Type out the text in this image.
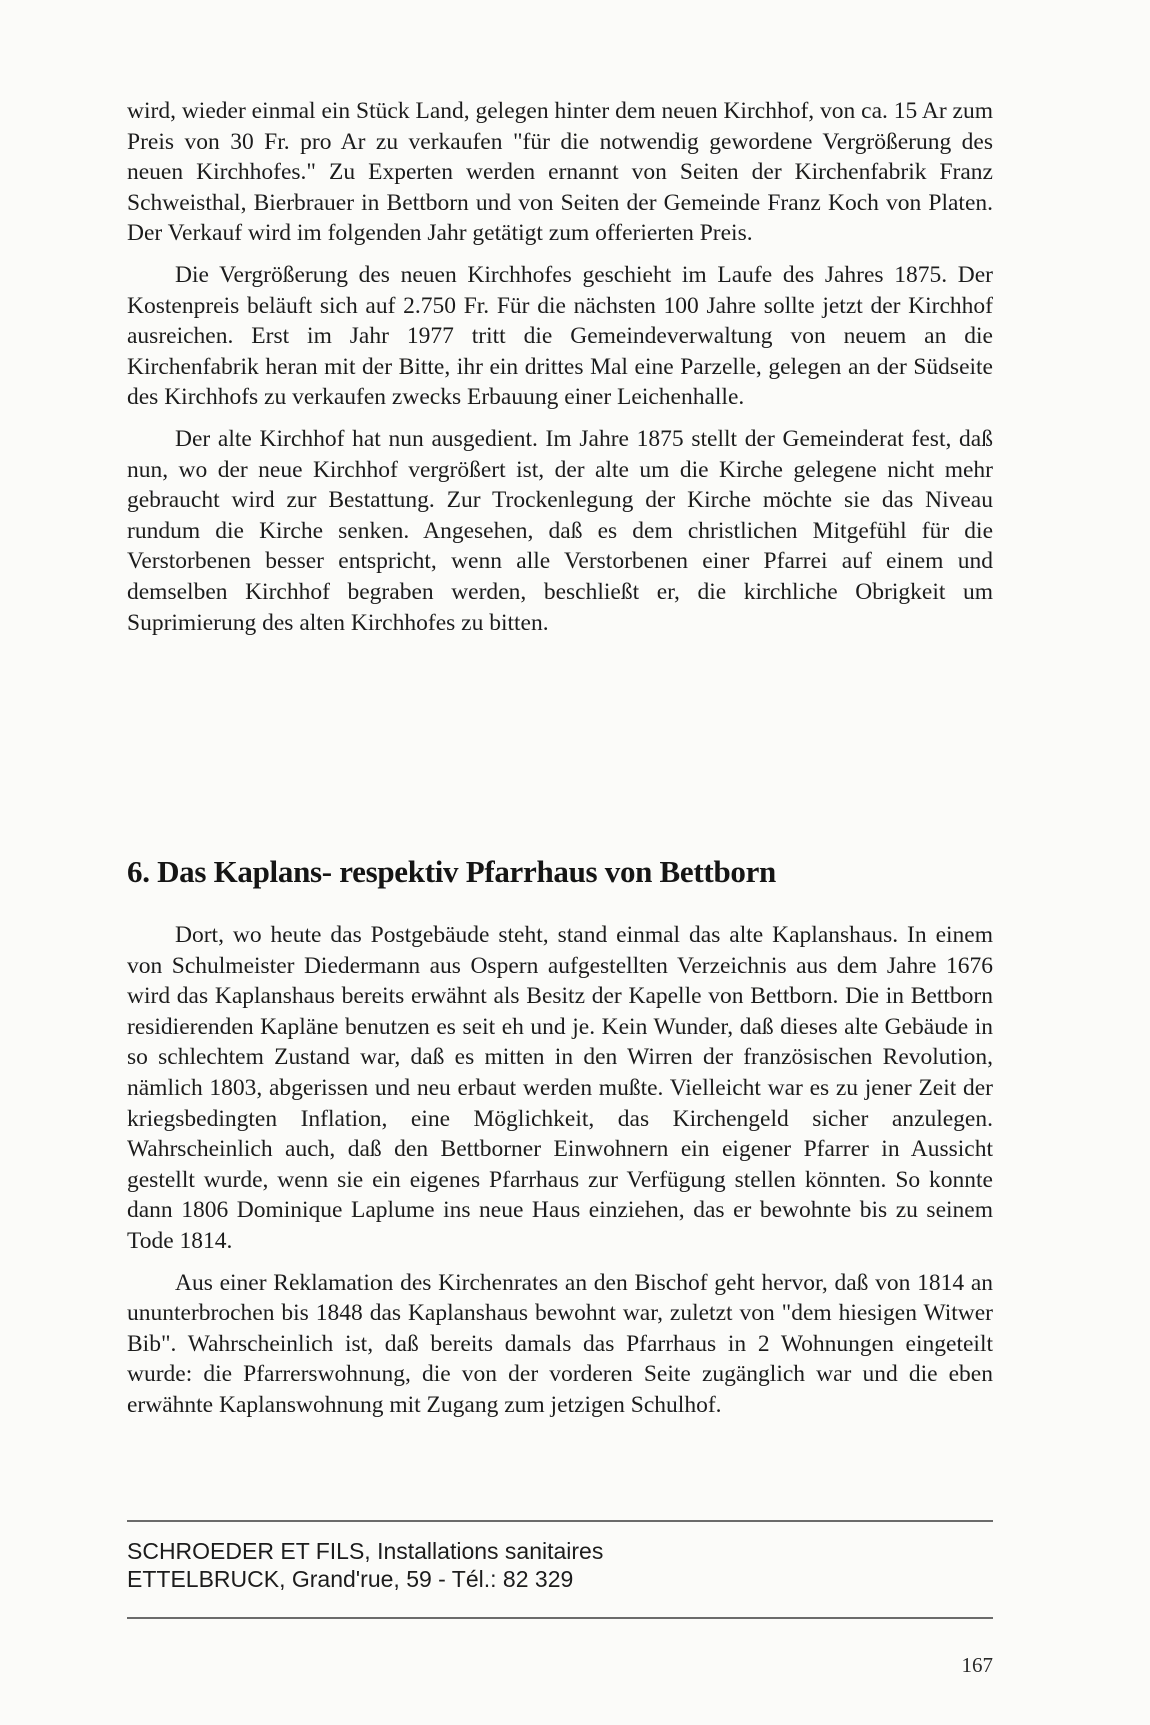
wird, wieder einmal ein Stück Land, gelegen hinter dem neuen Kirchhof, von ca. 15 Ar zum Preis von 30 Fr. pro Ar zu verkaufen "für die notwendig gewordene Vergrößerung des neuen Kirchhofes." Zu Experten werden ernannt von Seiten der Kirchenfabrik Franz Schweisthal, Bierbrauer in Bettborn und von Seiten der Gemeinde Franz Koch von Platen. Der Verkauf wird im folgenden Jahr getätigt zum offerierten Preis.

Die Vergrößerung des neuen Kirchhofes geschieht im Laufe des Jahres 1875. Der Kostenpreis beläuft sich auf 2.750 Fr. Für die nächsten 100 Jahre sollte jetzt der Kirchhof ausreichen. Erst im Jahr 1977 tritt die Gemeindeverwaltung von neuem an die Kirchenfabrik heran mit der Bitte, ihr ein drittes Mal eine Parzelle, gelegen an der Südseite des Kirchhofs zu verkaufen zwecks Erbauung einer Leichenhalle.

Der alte Kirchhof hat nun ausgedient. Im Jahre 1875 stellt der Gemeinderat fest, daß nun, wo der neue Kirchhof vergrößert ist, der alte um die Kirche gelegene nicht mehr gebraucht wird zur Bestattung. Zur Trockenlegung der Kirche möchte sie das Niveau rundum die Kirche senken. Angesehen, daß es dem christlichen Mitgefühl für die Verstorbenen besser entspricht, wenn alle Verstorbenen einer Pfarrei auf einem und demselben Kirchhof begraben werden, beschließt er, die kirchliche Obrigkeit um Suprimierung des alten Kirchhofes zu bitten.

6. Das Kaplans- respektiv Pfarrhaus von Bettborn

Dort, wo heute das Postgebäude steht, stand einmal das alte Kaplanshaus. In einem von Schulmeister Diedermann aus Ospern aufgestellten Verzeichnis aus dem Jahre 1676 wird das Kaplanshaus bereits erwähnt als Besitz der Kapelle von Bettborn. Die in Bettborn residierenden Kapläne benutzen es seit eh und je. Kein Wunder, daß dieses alte Gebäude in so schlechtem Zustand war, daß es mitten in den Wirren der französischen Revolution, nämlich 1803, abgerissen und neu erbaut werden mußte. Vielleicht war es zu jener Zeit der kriegsbedingten Inflation, eine Möglichkeit, das Kirchengeld sicher anzulegen. Wahrscheinlich auch, daß den Bettborner Einwohnern ein eigener Pfarrer in Aussicht gestellt wurde, wenn sie ein eigenes Pfarrhaus zur Verfügung stellen könnten. So konnte dann 1806 Dominique Laplume ins neue Haus einziehen, das er bewohnte bis zu seinem Tode 1814.

Aus einer Reklamation des Kirchenrates an den Bischof geht hervor, daß von 1814 an ununterbrochen bis 1848 das Kaplanshaus bewohnt war, zuletzt von "dem hiesigen Witwer Bib". Wahrscheinlich ist, daß bereits damals das Pfarrhaus in 2 Wohnungen eingeteilt wurde: die Pfarrerswohnung, die von der vorderen Seite zugänglich war und die eben erwähnte Kaplanswohnung mit Zugang zum jetzigen Schulhof.

SCHROEDER ET FILS, Installations sanitaires
ETTELBRUCK, Grand'rue, 59 - Tél.: 82 329
167
